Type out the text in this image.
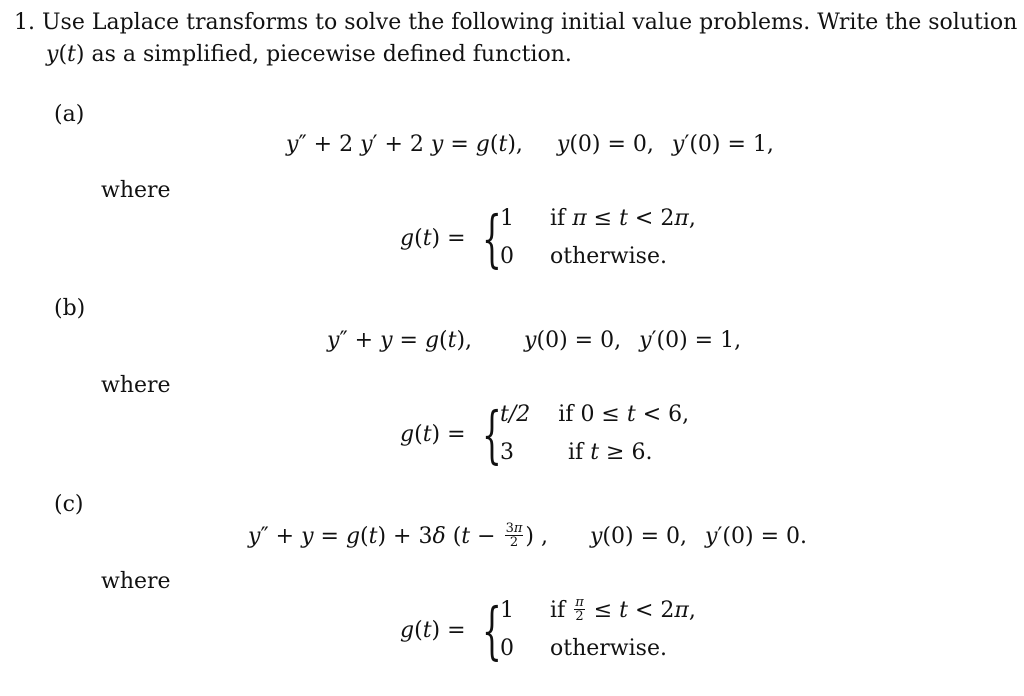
1. Use Laplace transforms to solve the following initial value problems. Write the solution
y(t) as a simplified, piecewise defined function.
(a)
y″ + 2 y′ + 2 y = g(t), y(0) = 0, y′(0) = 1,
where
g(t) = {
1 if π ≤ t < 2π,
0 otherwise.
(b)
y″ + y = g(t), y(0) = 0, y′(0) = 1,
where
g(t) = {
t/2 if 0 ≤ t < 6,
3 if t ≥ 6.
(c)
y″ + y = g(t) + 3δ ($t - \frac{3\pi}{2}$ ) , y(0) = 0, y′(0) = 0.
where
g(t) = {
1 if $\frac{\pi}{2} \le t < 2\pi$,
0 otherwise.
